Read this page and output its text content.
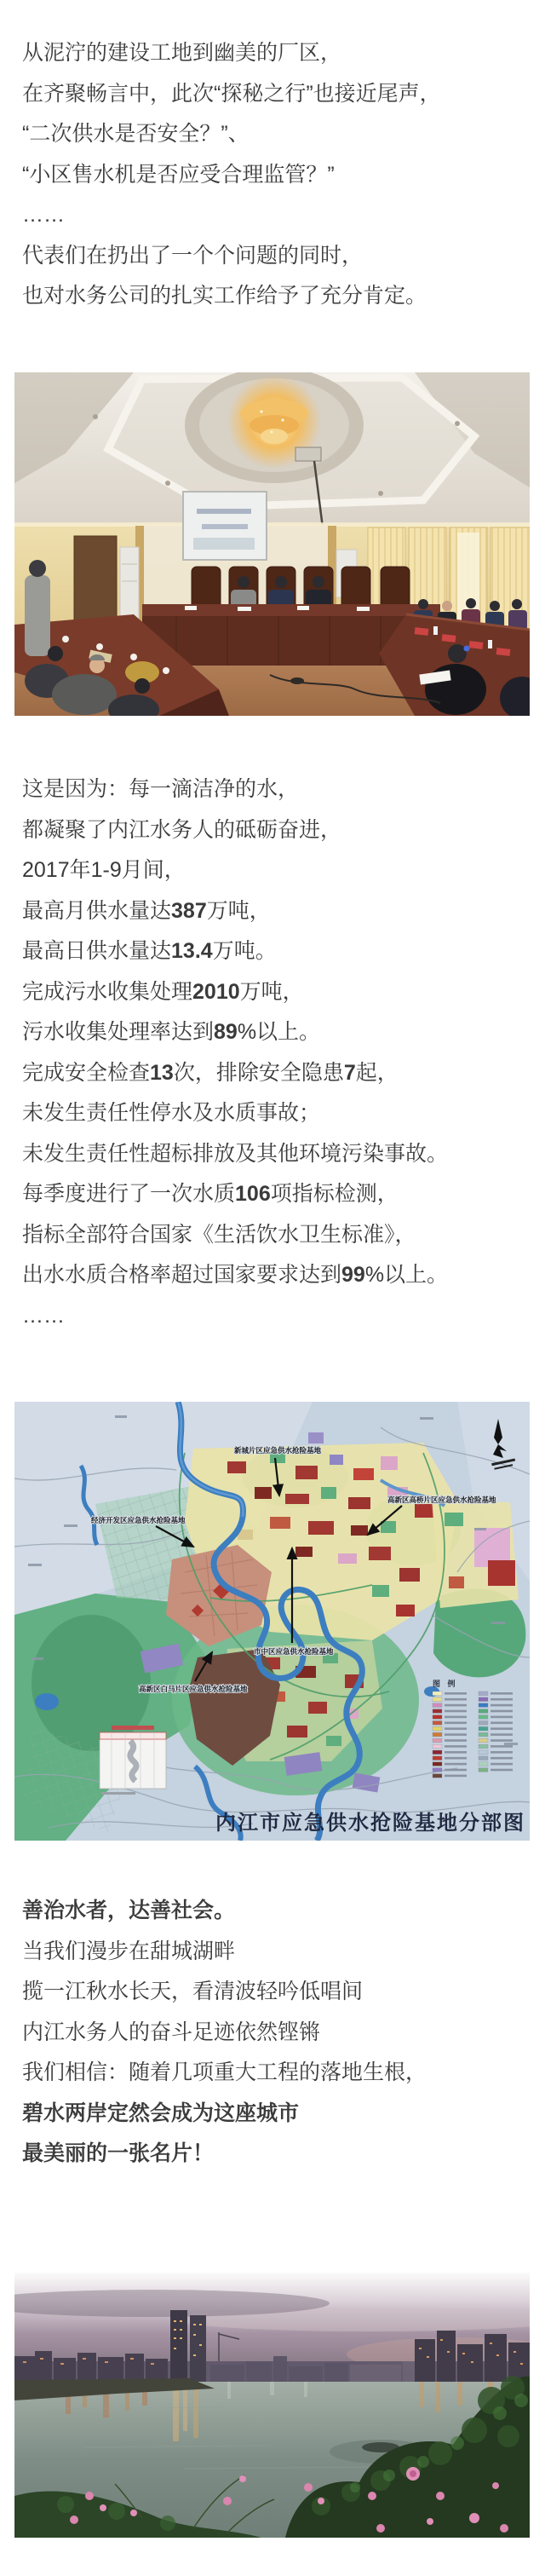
从泥泞的建设工地到幽美的厂区，
在齐聚畅言中，此次“探秘之行”也接近尾声，
“二次供水是否安全？”、
“小区售水机是否应受合理监管？”
……
代表们在扔出了一个个问题的同时，
也对水务公司的扎实工作给予了充分肯定。
这是因为：每一滴洁净的水，
都凝聚了内江水务人的砥砺奋进，
2017年1-9月间，
最高月供水量达387万吨，
最高日供水量达13.4万吨。
完成污水收集处理2010万吨，
污水收集处理率达到89%以上。
完成安全检查13次，排除安全隐患7起，
未发生责任性停水及水质事故；
未发生责任性超标排放及其他环境污染事故。
每季度进行了一次水质106项指标检测，
指标全部符合国家《生活饮水卫生标准》，
出水水质合格率超过国家要求达到99%以上。
……
图 例
新城片区应急供水抢险基地
高新区高桥片区应急供水抢险基地
经济开发区应急供水抢险基地
市中区应急供水抢险基地
高新区白马片区应急供水抢险基地
内江市应急供水抢险基地分部图
善治水者，达善社会。
当我们漫步在甜城湖畔
揽一江秋水长天，看清波轻吟低唱间
内江水务人的奋斗足迹依然铿锵
我们相信：随着几项重大工程的落地生根，
碧水两岸定然会成为这座城市
最美丽的一张名片！
